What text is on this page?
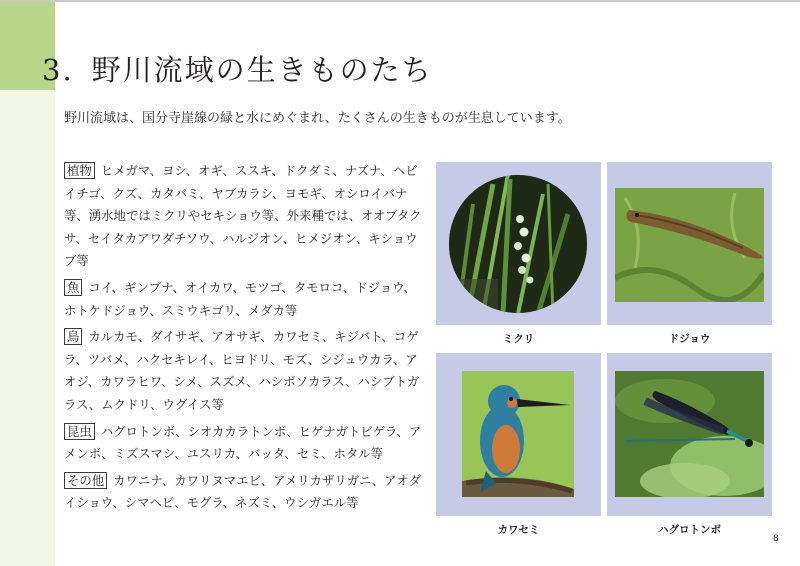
3. 野川流域の生きものたち
野川流域は、国分寺崖線の緑と水にめぐまれ、たくさんの生きものが生息しています。
植物 ヒメガマ、ヨシ、オギ、ススキ、ドクダミ、ナズナ、ヘビイチゴ、クズ、カタバミ、ヤブカラシ、ヨモギ、オシロイバナ等、湧水地ではミクリやセキショウ等、外来種では、オオブタクサ、セイタカアワダチソウ、ハルジオン、ヒメジオン、キショウブ等
魚 コイ、ギンブナ、オイカワ、モツゴ、タモロコ、ドジョウ、ホトケドジョウ、スミウキゴリ、メダカ等
鳥 カルカモ、ダイサギ、アオサギ、カワセミ、キジバト、コゲラ、ツバメ、ハクセキレイ、ヒヨドリ、モズ、シジュウカラ、アオジ、カワラヒワ、シメ、スズメ、ハシボソカラス、ハシブトガラス、ムクドリ、ウグイス等
昆虫 ハグロトンボ、シオカカラトンボ、ヒゲナガトビゲラ、アメンボ、ミズスマシ、ユスリカ、バッタ、セミ、ホタル等
その他 カワニナ、カワリヌマエビ、アメリカザリガニ、アオダイショウ、シマヘビ、モグラ、ネズミ、ウシガエル等
ミクリ	ドジョウ
カワセミ	ハグロトンボ
8
